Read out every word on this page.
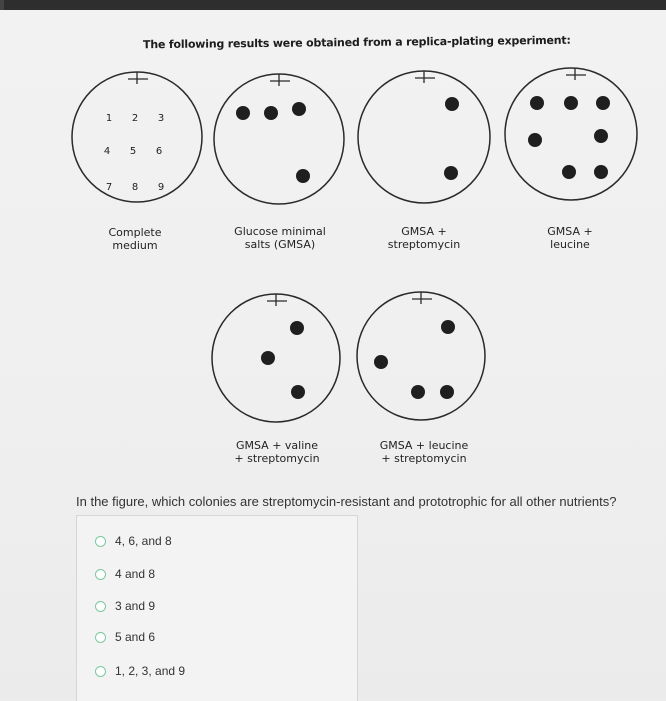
The following results were obtained from a replica-plating experiment:
1 2 3
4 5 6
7 8 9
Complete
medium
Glucose minimal
salts (GMSA)
GMSA +
streptomycin
GMSA +
leucine
GMSA + valine
+ streptomycin
GMSA + leucine
+ streptomycin
In the figure, which colonies are streptomycin-resistant and prototrophic for all other nutrients?
4, 6, and 8
4 and 8
3 and 9
5 and 6
1, 2, 3, and 9
